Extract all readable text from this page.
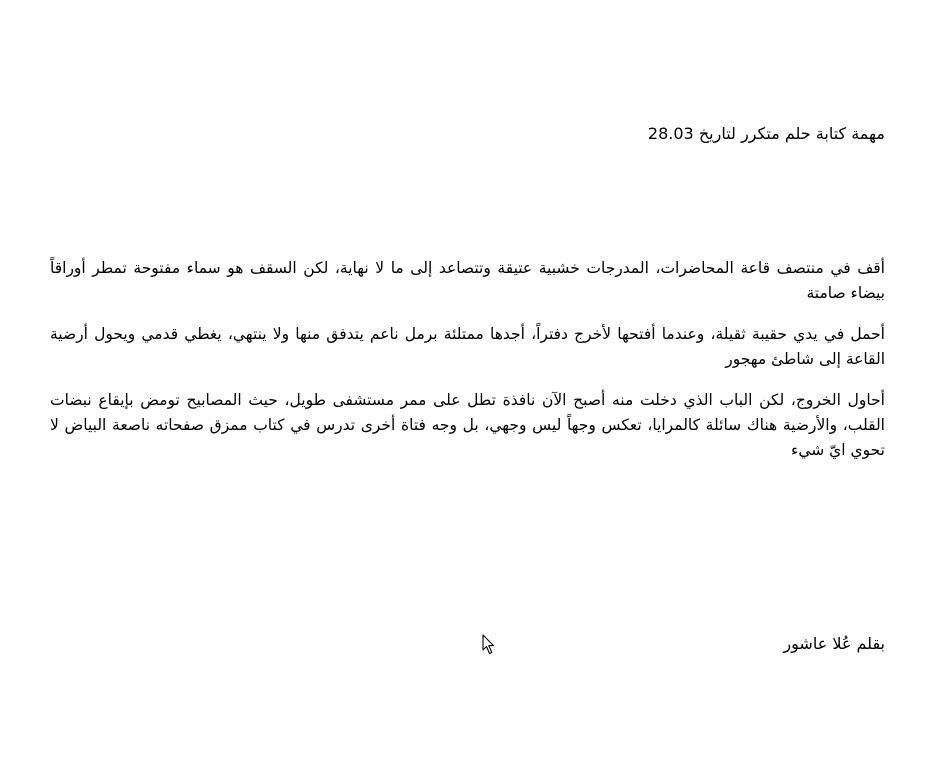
مهمة كتابة حلم متكرر لتاريخ 28.03

أقف في منتصف قاعة المحاضرات، المدرجات خشبية عتيقة وتتصاعد إلى ما لا نهاية، لكن السقف هو سماء مفتوحة تمطر أوراقاً بيضاء صامتة

أحمل في يدي حقيبة ثقيلة، وعندما أفتحها لأخرج دفتراً، أجدها ممتلئة برمل ناعم يتدفق منها ولا ينتهي، يغطي قدمي ويحول أرضية القاعة إلى شاطئ مهجور

أحاول الخروج، لكن الباب الذي دخلت منه أصبح الآن نافذة تطل على ممر مستشفى طويل، حيث المصابيح تومض بإيقاع نبضات القلب، والأرضية هناك سائلة كالمرايا، تعكس وجهاً ليس وجهي، بل وجه فتاة أخرى تدرس في كتاب ممزق صفحاته ناصعة البياض لا تحوي ايّ شيء

بقلم عُلا عاشور
